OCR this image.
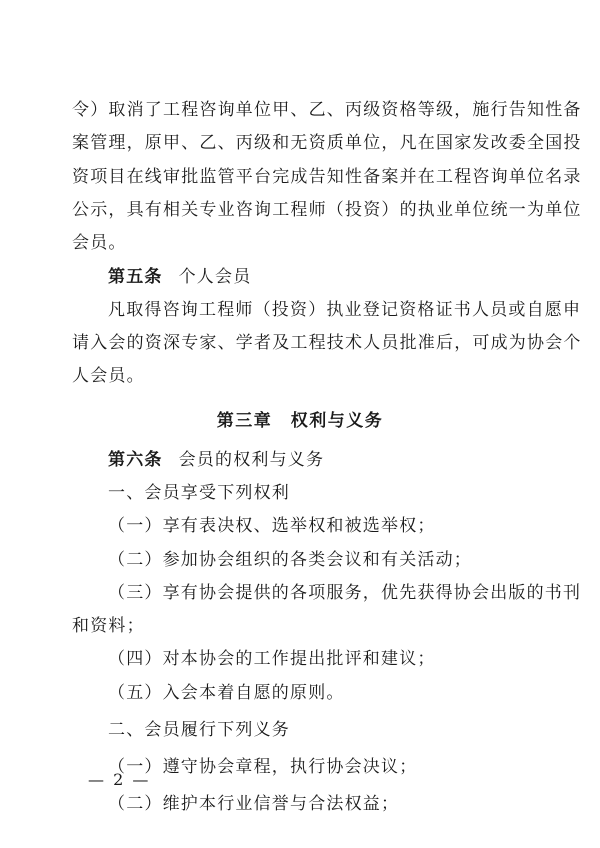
令）取消了工程咨询单位甲、乙、丙级资格等级，施行告知性备
案管理，原甲、乙、丙级和无资质单位，凡在国家发改委全国投
资项目在线审批监管平台完成告知性备案并在工程咨询单位名录
公示，具有相关专业咨询工程师（投资）的执业单位统一为单位
会员。
第五条 个人会员
凡取得咨询工程师（投资）执业登记资格证书人员或自愿申
请入会的资深专家、学者及工程技术人员批准后，可成为协会个
人会员。
第三章　权利与义务
第六条 会员的权利与义务
一、会员享受下列权利
（一）享有表决权、选举权和被选举权；
（二）参加协会组织的各类会议和有关活动；
（三）享有协会提供的各项服务，优先获得协会出版的书刊
和资料；
（四）对本协会的工作提出批评和建议；
（五）入会本着自愿的原则。
— 2 —
二、会员履行下列义务
（一）遵守协会章程，执行协会决议；
（二）维护本行业信誉与合法权益；
